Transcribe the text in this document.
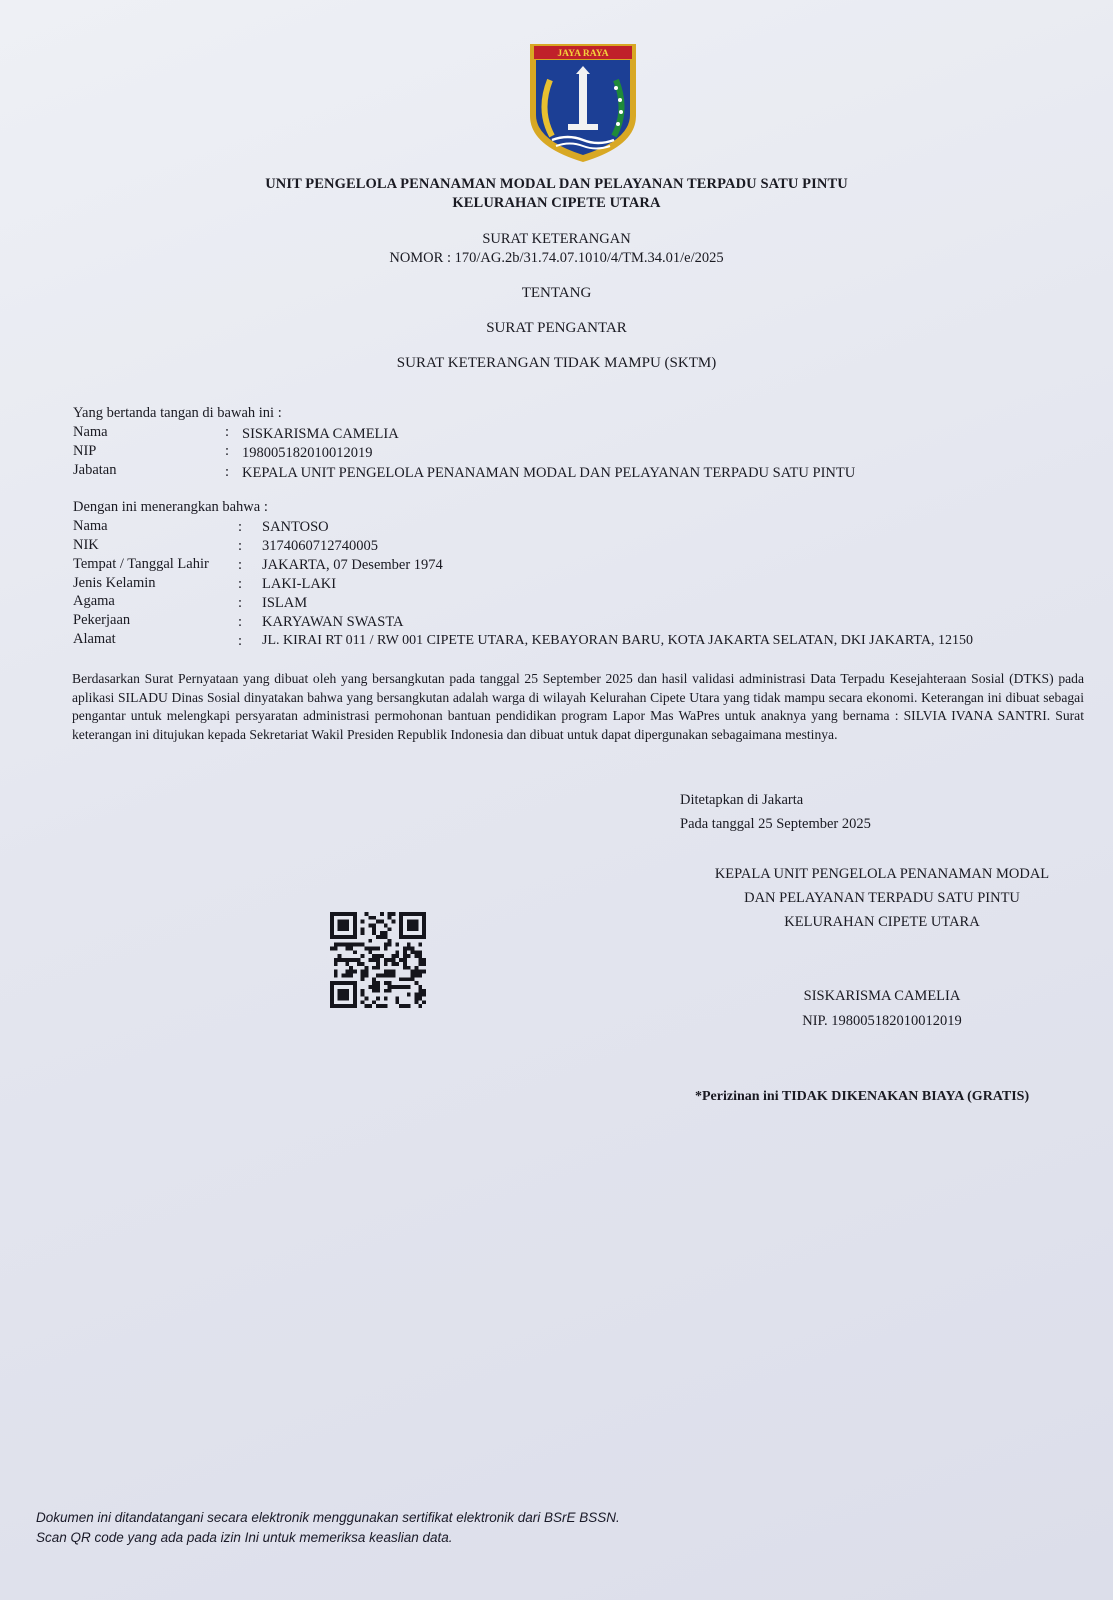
JAYA RAYA
UNIT PENGELOLA PENANAMAN MODAL DAN PELAYANAN TERPADU SATU PINTU
KELURAHAN CIPETE UTARA
SURAT KETERANGAN
NOMOR : 170/AG.2b/31.74.07.1010/4/TM.34.01/e/2025
TENTANG
SURAT PENGANTAR
SURAT KETERANGAN TIDAK MAMPU (SKTM)
Yang bertanda tangan di bawah ini :
Nama	: SISKARISMA CAMELIA
NIP	: 198005182010012019
Jabatan	: KEPALA UNIT PENGELOLA PENANAMAN MODAL DAN PELAYANAN TERPADU SATU PINTU
Dengan ini menerangkan bahwa :
Nama	: SANTOSO
NIK	: 3174060712740005
Tempat / Tanggal Lahir : JAKARTA, 07 Desember 1974
Jenis Kelamin	: LAKI-LAKI
Agama	: ISLAM
Pekerjaan	: KARYAWAN SWASTA
Alamat	: JL. KIRAI RT 011 / RW 001 CIPETE UTARA, KEBAYORAN BARU, KOTA JAKARTA SELATAN, DKI JAKARTA, 12150
Berdasarkan Surat Pernyataan yang dibuat oleh yang bersangkutan pada tanggal 25 September 2025 dan hasil validasi administrasi Data Terpadu Kesejahteraan Sosial (DTKS) pada aplikasi SILADU Dinas Sosial dinyatakan bahwa yang bersangkutan adalah warga di wilayah Kelurahan Cipete Utara yang tidak mampu secara ekonomi. Keterangan ini dibuat sebagai pengantar untuk melengkapi persyaratan administrasi permohonan bantuan pendidikan program Lapor Mas WaPres untuk anaknya yang bernama : SILVIA IVANA SANTRI. Surat keterangan ini ditujukan kepada Sekretariat Wakil Presiden Republik Indonesia dan dibuat untuk dapat dipergunakan sebagaimana mestinya.
Ditetapkan di Jakarta
Pada tanggal 25 September 2025
KEPALA UNIT PENGELOLA PENANAMAN MODAL
DAN PELAYANAN TERPADU SATU PINTU
KELURAHAN CIPETE UTARA
SISKARISMA CAMELIA
NIP. 198005182010012019
*Perizinan ini TIDAK DIKENAKAN BIAYA (GRATIS)
Dokumen ini ditandatangani secara elektronik menggunakan sertifikat elektronik dari BSrE BSSN.
Scan QR code yang ada pada izin Ini untuk memeriksa keaslian data.
